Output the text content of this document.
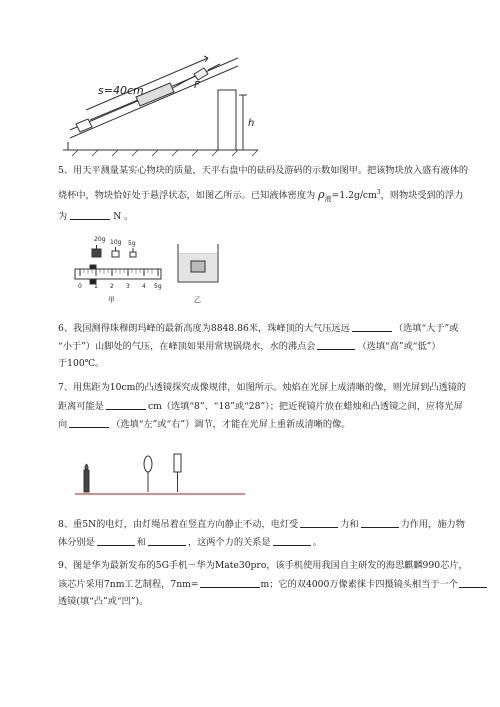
s=40cm	F
h
5、用天平测量某实心物块的质量，天平右盘中的砝码及游码的示数如图甲。把该物块放入盛有液体的
烧杯中，物块恰好处于悬浮状态，如图乙所示。已知液体密度为 $\rho_液=1.2g/cm^3$，则物块受到的浮力
为	N 。
20g 10g 5g
0 1 2 3 4 5g
甲	乙
6、我国测得珠穆朗玛峰的最新高度为8848.86米，珠峰顶的大气压远远	（选填“大于”或
“小于”）山脚处的气压，在峰顶如果用常规锅烧水，水的沸点会	（选填“高”或“低”）
于100℃。
7、用焦距为10cm的凸透镜探究成像规律，如图所示。烛焰在光屏上成清晰的像，则光屏到凸透镜的
距离可能是	cm（选填“8”、“18”或“28”）；把近视镜片放在蜡烛和凸透镜之间，应将光屏
向	（选填“左”或“右”）调节，才能在光屏上重新成清晰的像。
8、重5N的电灯，由灯绳吊着在竖直方向静止不动，电灯受	力和	力作用，施力物
体分别是	和	，这两个力的关系是	。
9、图是华为最新发布的5G手机－华为Mate30pro，该手机使用我国自主研发的海思麒麟990芯片，
该芯片采用7nm工艺制程，7nm=	m；它的双4000万像素徕卡四摄镜头相当于一个
透镜(填“凸”或“凹”)。
